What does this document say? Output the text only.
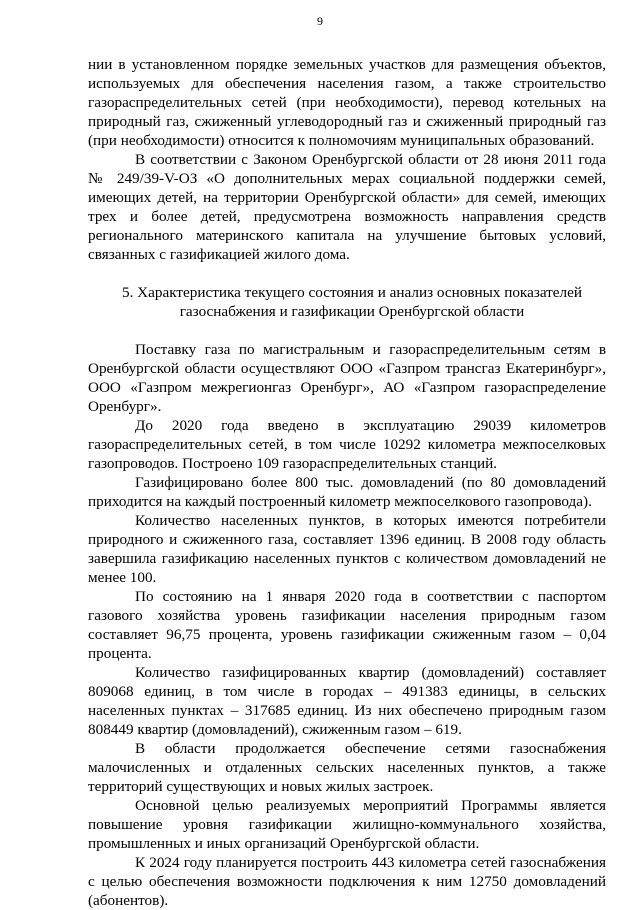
9

нии в установленном порядке земельных участков для размещения объектов, используемых для обеспечения населения газом, а также строительство газораспределительных сетей (при необходимости), перевод котельных на природный газ, сжиженный углеводородный газ и сжиженный природный газ (при необходимости) относится к полномочиям муниципальных образований.

В соответствии с Законом Оренбургской области от 28 июня 2011 года № 249/39-V-ОЗ «О дополнительных мерах социальной поддержки семей, имеющих детей, на территории Оренбургской области» для семей, имеющих трех и более детей, предусмотрена возможность направления средств регионального материнского капитала на улучшение бытовых условий, связанных с газификацией жилого дома.

5. Характеристика текущего состояния и анализ основных показателей
газоснабжения и газификации Оренбургской области

Поставку газа по магистральным и газораспределительным сетям в Оренбургской области осуществляют ООО «Газпром трансгаз Екатеринбург», ООО «Газпром межрегионгаз Оренбург», АО «Газпром газораспределение Оренбург».

До 2020 года введено в эксплуатацию 29039 километров газораспределительных сетей, в том числе 10292 километра межпоселковых газопроводов. Построено 109 газораспределительных станций.

Газифицировано более 800 тыс. домовладений (по 80 домовладений приходится на каждый построенный километр межпоселкового газопровода).

Количество населенных пунктов, в которых имеются потребители природного и сжиженного газа, составляет 1396 единиц. В 2008 году область завершила газификацию населенных пунктов с количеством домовладений не менее 100.

По состоянию на 1 января 2020 года в соответствии с паспортом газового хозяйства уровень газификации населения природным газом составляет 96,75 процента, уровень газификации сжиженным газом – 0,04 процента.

Количество газифицированных квартир (домовладений) составляет 809068 единиц, в том числе в городах – 491383 единицы, в сельских населенных пунктах – 317685 единиц. Из них обеспечено природным газом 808449 квартир (домовладений), сжиженным газом – 619.

В области продолжается обеспечение сетями газоснабжения малочисленных и отдаленных сельских населенных пунктов, а также территорий существующих и новых жилых застроек.

Основной целью реализуемых мероприятий Программы является повышение уровня газификации жилищно-коммунального хозяйства, промышленных и иных организаций Оренбургской области.

К 2024 году планируется построить 443 километра сетей газоснабжения с целью обеспечения возможности подключения к ним 12750 домовладений (абонентов).
